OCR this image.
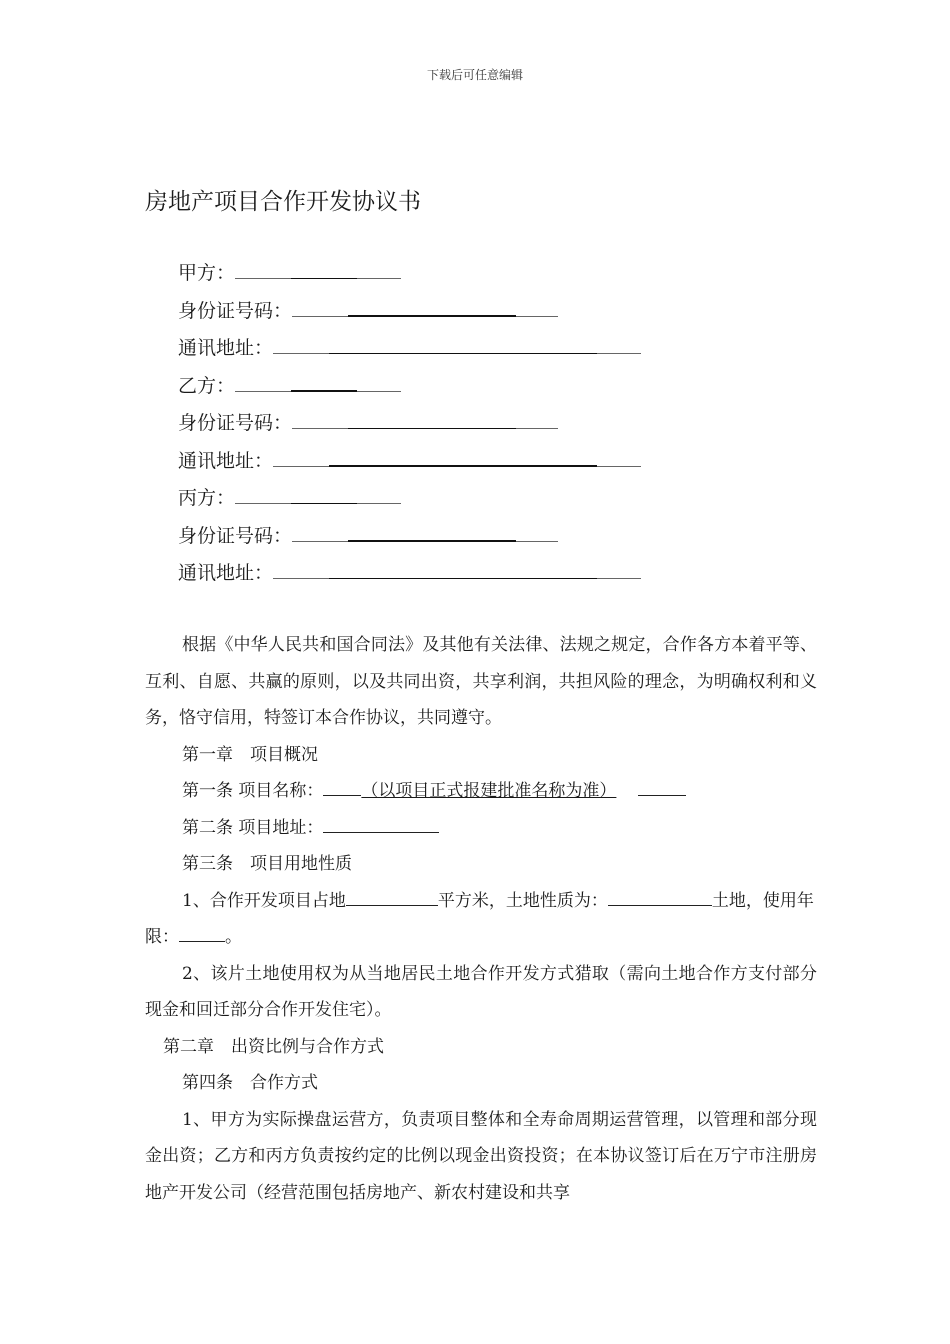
下载后可任意编辑
房地产项目合作开发协议书
甲方：
身份证号码：
通讯地址：
乙方：
身份证号码：
通讯地址：
丙方：
身份证号码：
通讯地址：

根据《中华人民共和国合同法》及其他有关法律、法规之规定，合作各方本着平等、互利、自愿、共赢的原则，以及共同出资，共享利润，共担风险的理念，为明确权利和义务，恪守信用，特签订本合作协议，共同遵守。

第一章　项目概况

第一条 项目名称： （以项目正式报建批准名称为准）

第二条 项目地址：

第三条　项目用地性质

1、合作开发项目占地	平方米，土地性质为：	土地，使用年限：	。

2、该片土地使用权为从当地居民土地合作开发方式猎取（需向土地合作方支付部分现金和回迁部分合作开发住宅）。

第二章　出资比例与合作方式

第四条　合作方式

1、甲方为实际操盘运营方，负责项目整体和全寿命周期运营管理，以管理和部分现金出资；乙方和丙方负责按约定的比例以现金出资投资；在本协议签订后在万宁市注册房地产开发公司（经营范围包括房地产、新农村建设和共享
